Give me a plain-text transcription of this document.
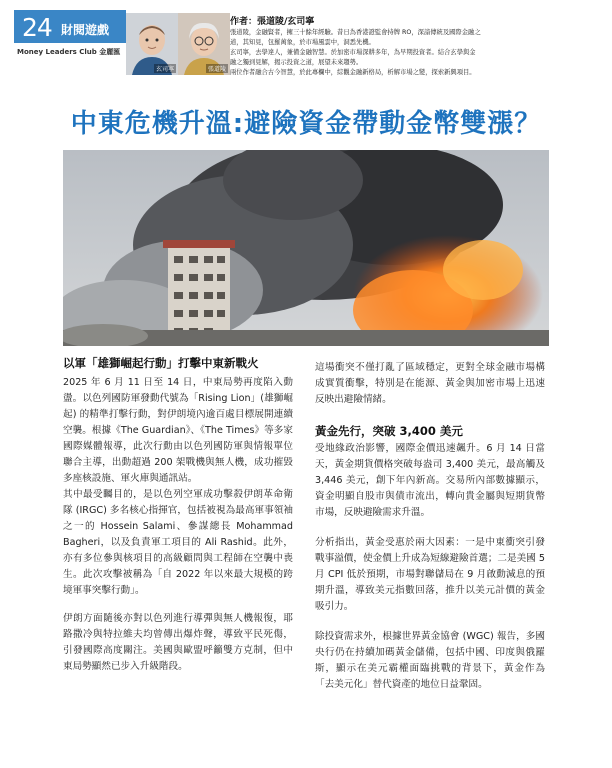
24 財閱遊戲
Money Leaders Club 金麗匯
玄司寧	張道陵
作者：張道陵/玄司寧
張道陵，金融賢者，擁三十餘年經驗。昔日為香港證監會持牌 RO，深諳傳統及國際金融之
道，其知見，包羅萬象，於市場風雲中，洞悉先機。
玄司寧，去學達人，兼備金融智慧。於加密市場深耕多年，為早期投資者。結合玄學與金
融之獨到見解，揭示投資之道，展望未來趨勢。
兩位作者融合古今智慧，於此專欄中，綜觀金融新格局，析解市場之變，探索新興項目。
中東危機升溫:避險資金帶動金幣雙漲？
以軍「雄獅崛起行動」打擊中東新戰火

2025 年 6 月 11 日至 14 日，中東局勢再度陷入動盪。以色列國防軍發動代號為「Rising Lion」(雄獅崛起) 的精準打擊行動，對伊朗境內逾百處目標展開連續空襲。根據《The Guardian》、《The Times》等多家國際媒體報導，此次行動由以色列國防軍與情報單位聯合主導，出動超過 200 架戰機與無人機，成功摧毀多座核設施、軍火庫與通訊站。

其中最受矚目的，是以色列空軍成功擊殺伊朗革命衛隊 (IRGC) 多名核心指揮官，包括被視為最高軍事領袖之一的 Hossein Salami、參謀總長 Mohammad Bagheri，以及負責軍工項目的 Ali Rashid。此外，亦有多位參與核項目的高級顧問與工程師在空襲中喪生。此次攻擊被稱為「自 2022 年以來最大規模的跨境軍事突擊行動」。

伊朗方面隨後亦對以色列進行導彈與無人機報復，耶路撒冷與特拉維夫均曾傳出爆炸聲，導致平民死傷，引發國際高度關注。美國與歐盟呼籲雙方克制，但中東局勢顯然已步入升級階段。

這場衝突不僅打亂了區域穩定，更對全球金融市場構成實質衝擊，特別是在能源、黃金與加密市場上迅速反映出避險情緒。

黃金先行，突破 3,400 美元

受地緣政治影響，國際金價迅速飆升。6 月 14 日當天，黃金期貨價格突破每盎司 3,400 美元，最高觸及 3,446 美元，創下年內新高。交易所內部數據顯示，資金明顯自股市與債市流出，轉向貴金屬與短期貨幣市場，反映避險需求升溫。

分析指出，黃金受惠於兩大因素：一是中東衝突引發戰事溢價，使金價上升成為短線避險首選；二是美國 5 月 CPI 低於預期，市場對聯儲局在 9 月啟動減息的預期升溫，導致美元指數回落，推升以美元計價的黃金吸引力。

除投資需求外，根據世界黃金協會 (WGC) 報告，多國央行仍在持續加碼黃金儲備，包括中國、印度與俄羅斯，顯示在美元霸權面臨挑戰的背景下，黃金作為「去美元化」替代資產的地位日益鞏固。
